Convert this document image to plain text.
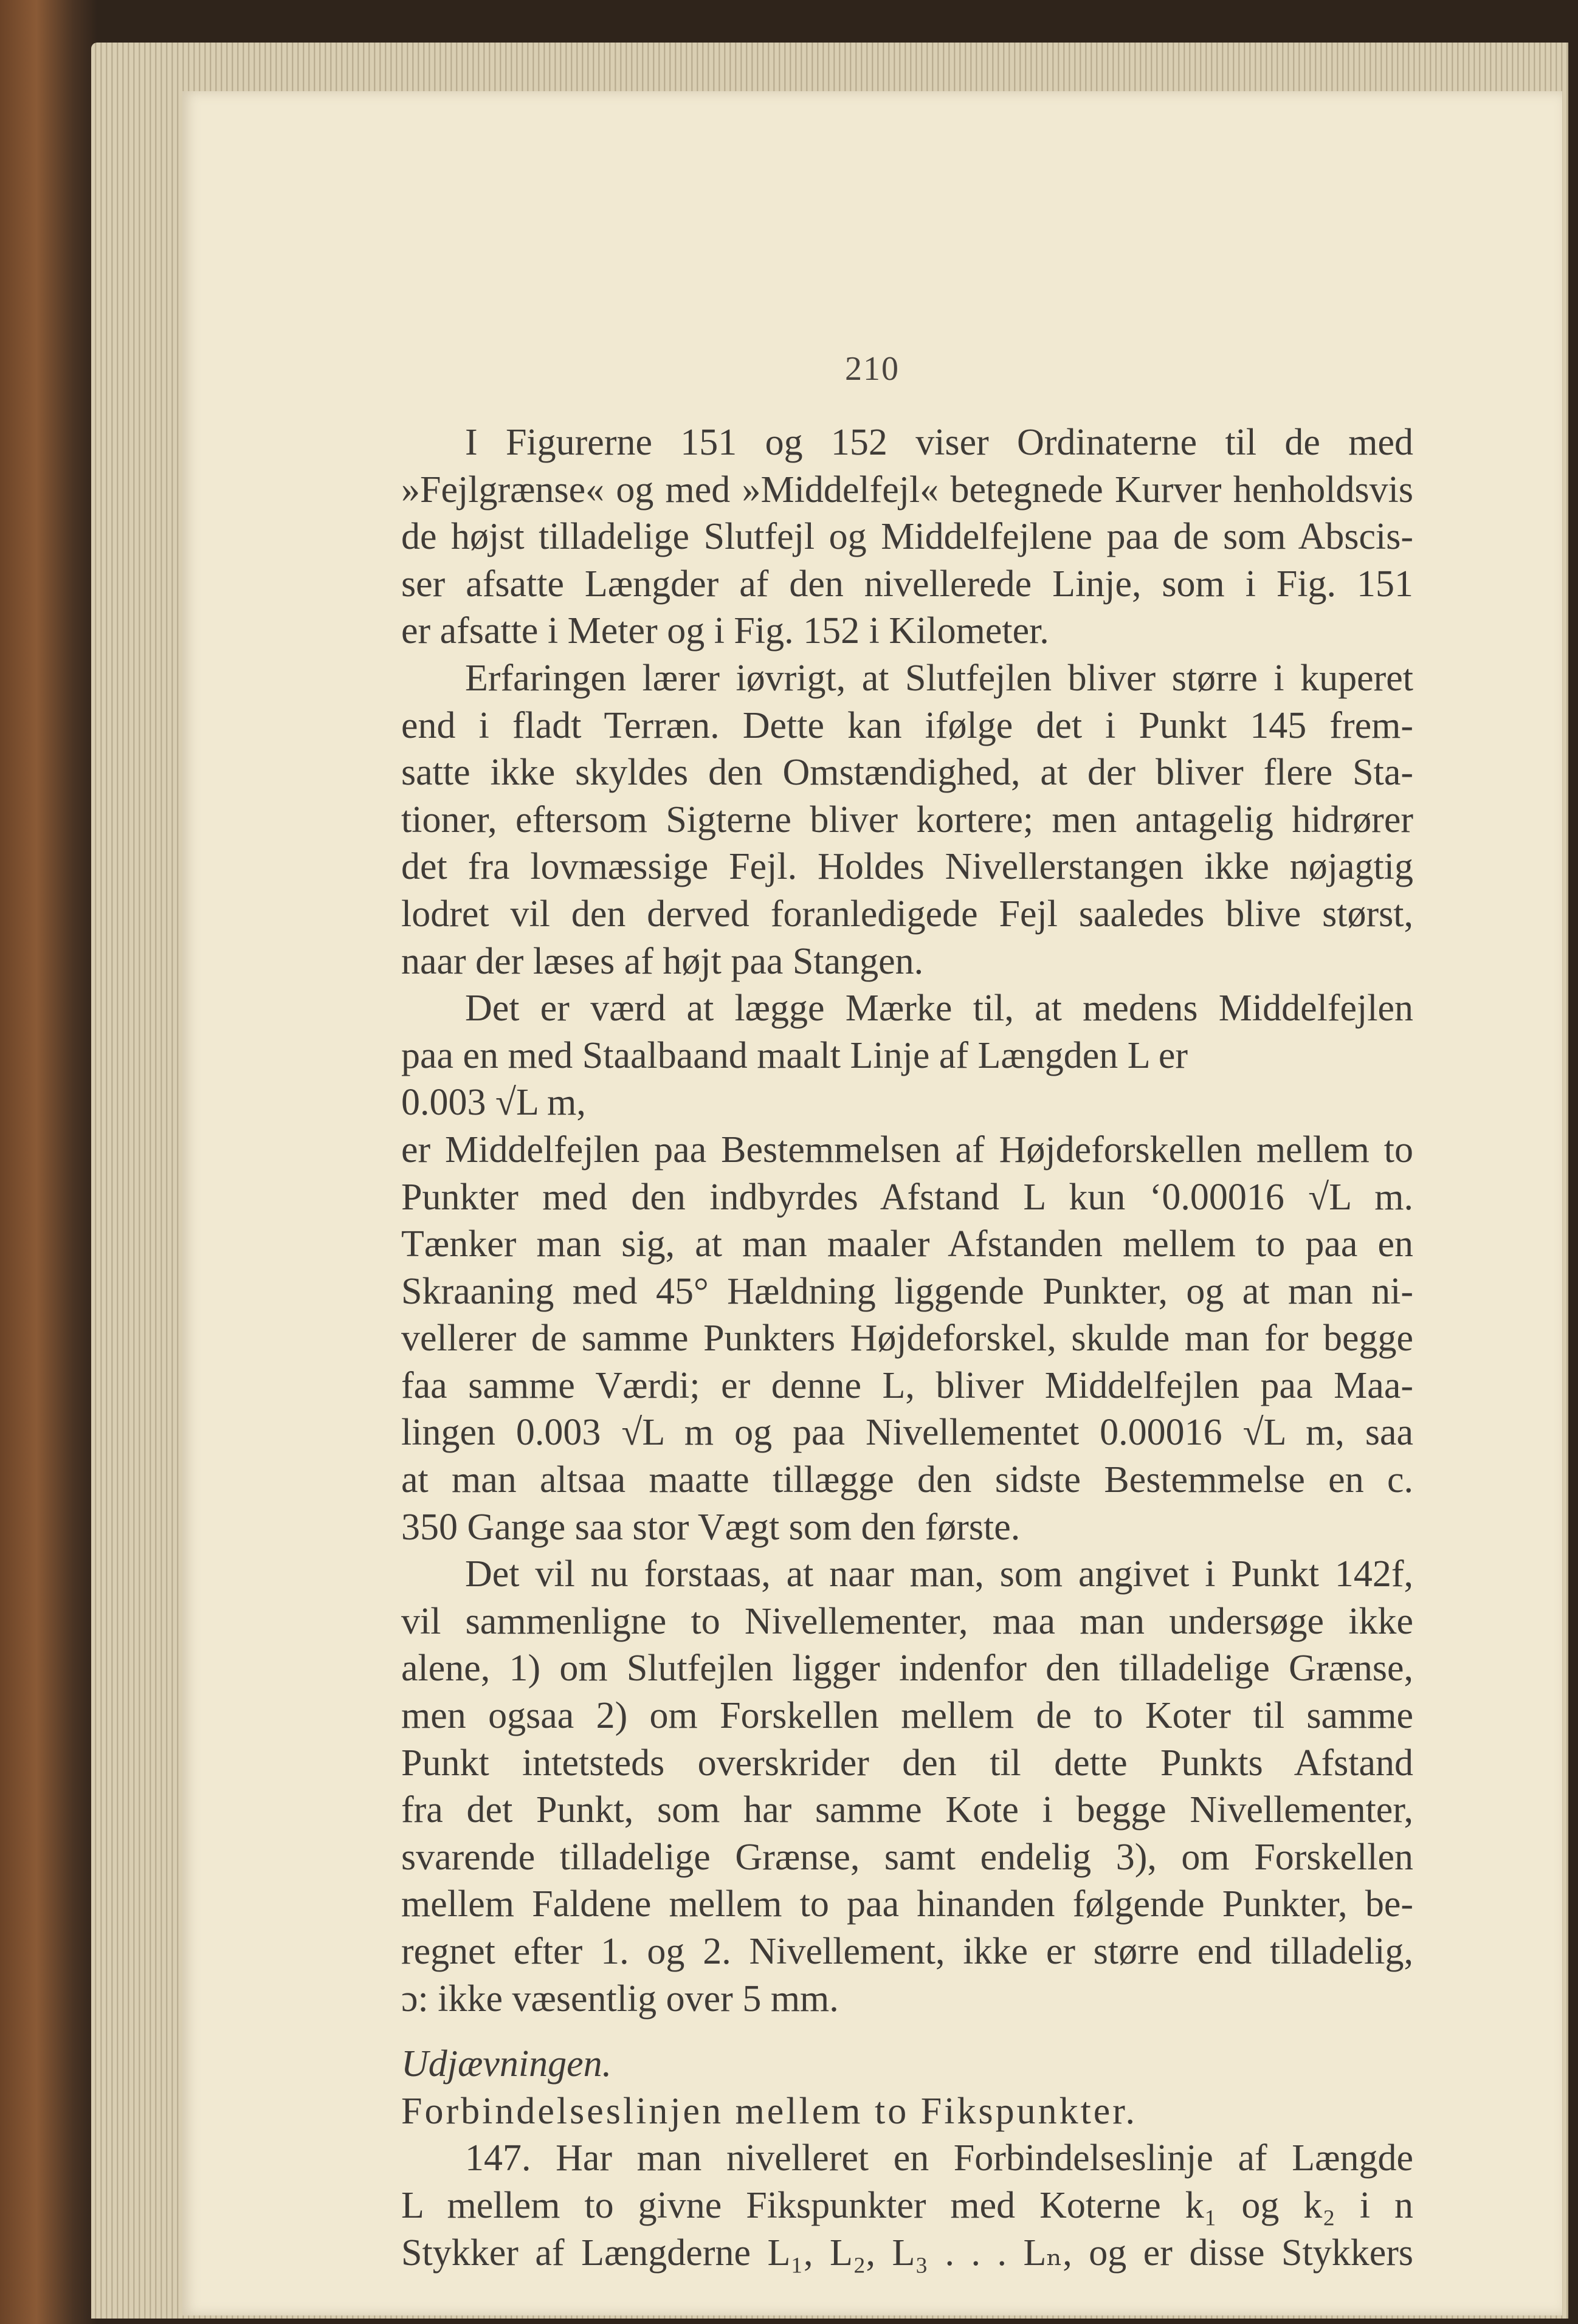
210
I Figurerne 151 og 152 viser Ordinaterne til de med
»Fejlgrænse« og med »Middelfejl« betegnede Kurver henholdsvis
de højst tilladelige Slutfejl og Middelfejlene paa de som Abscis-
ser afsatte Længder af den nivellerede Linje, som i Fig. 151
er afsatte i Meter og i Fig. 152 i Kilometer.
Erfaringen lærer iøvrigt, at Slutfejlen bliver større i kuperet
end i fladt Terræn. Dette kan ifølge det i Punkt 145 frem-
satte ikke skyldes den Omstændighed, at der bliver flere Sta-
tioner, eftersom Sigterne bliver kortere; men antagelig hidrører
det fra lovmæssige Fejl. Holdes Nivellerstangen ikke nøjagtig
lodret vil den derved foranledigede Fejl saaledes blive størst,
naar der læses af højt paa Stangen.
Det er værd at lægge Mærke til, at medens Middelfejlen
paa en med Staalbaand maalt Linje af Længden L er
0.003 √L m,
er Middelfejlen paa Bestemmelsen af Højdeforskellen mellem to
Punkter med den indbyrdes Afstand L kun ‘0.00016 √L m.
Tænker man sig, at man maaler Afstanden mellem to paa en
Skraaning med 45° Hældning liggende Punkter, og at man ni-
vellerer de samme Punkters Højdeforskel, skulde man for begge
faa samme Værdi; er denne L, bliver Middelfejlen paa Maa-
lingen 0.003 √L m og paa Nivellementet 0.00016 √L m, saa
at man altsaa maatte tillægge den sidste Bestemmelse en c.
350 Gange saa stor Vægt som den første.
Det vil nu forstaas, at naar man, som angivet i Punkt 142f,
vil sammenligne to Nivellementer, maa man undersøge ikke
alene, 1) om Slutfejlen ligger indenfor den tilladelige Grænse,
men ogsaa 2) om Forskellen mellem de to Koter til samme
Punkt intetsteds overskrider den til dette Punkts Afstand
fra det Punkt, som har samme Kote i begge Nivellementer,
svarende tilladelige Grænse, samt endelig 3), om Forskellen
mellem Faldene mellem to paa hinanden følgende Punkter, be-
regnet efter 1. og 2. Nivellement, ikke er større end tilladelig,
ɔ: ikke væsentlig over 5 mm.
Udjævningen.
Forbindelseslinjen mellem to Fikspunkter.
147. Har man nivelleret en Forbindelseslinje af Længde
L mellem to givne Fikspunkter med Koterne k₁ og k₂ i n
Stykker af Længderne L₁, L₂, L₃ . . . Lₙ, og er disse Stykkers
